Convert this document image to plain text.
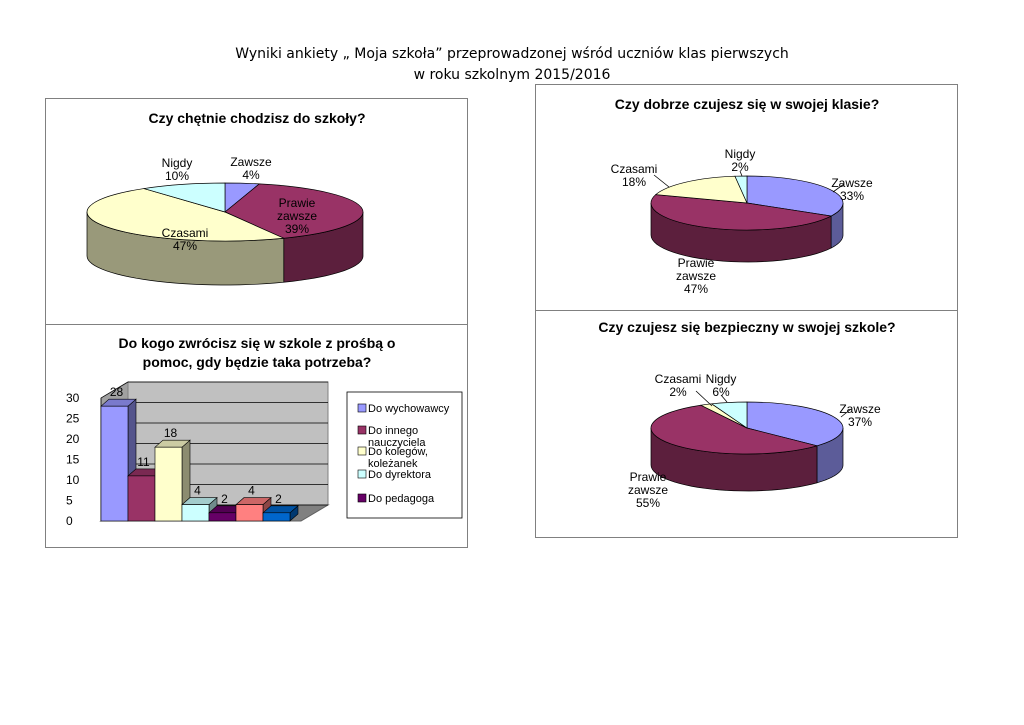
Wyniki ankiety „ Moja szkoła” przeprowadzonej wśród uczniów klas pierwszych
w roku szkolnym 2015/2016
Czy chętnie chodzisz do szkoły?
Zawsze 4%
Prawie zawsze 39%
Czasami 47%
Nigdy 10%
Do kogo zwrócisz się w szkole z prośbą o pomoc, gdy będzie taka potrzeba?
0
5
10
15
20
25
30	28
11
18
4
2
4
2
Do wychowawcy
Do innego nauczyciela
Do kolegów, koleżanek
Do dyrektora
Do pedagoga
Czy dobrze czujesz się w swojej klasie?
Zawsze 33%
Prawie zawsze 47%
Czasami 18%
Nigdy 2%
Czy czujesz się bezpieczny w swojej szkole?
Zawsze 37%
Prawie zawsze 55%
Czasami 2%
Nigdy 6%
